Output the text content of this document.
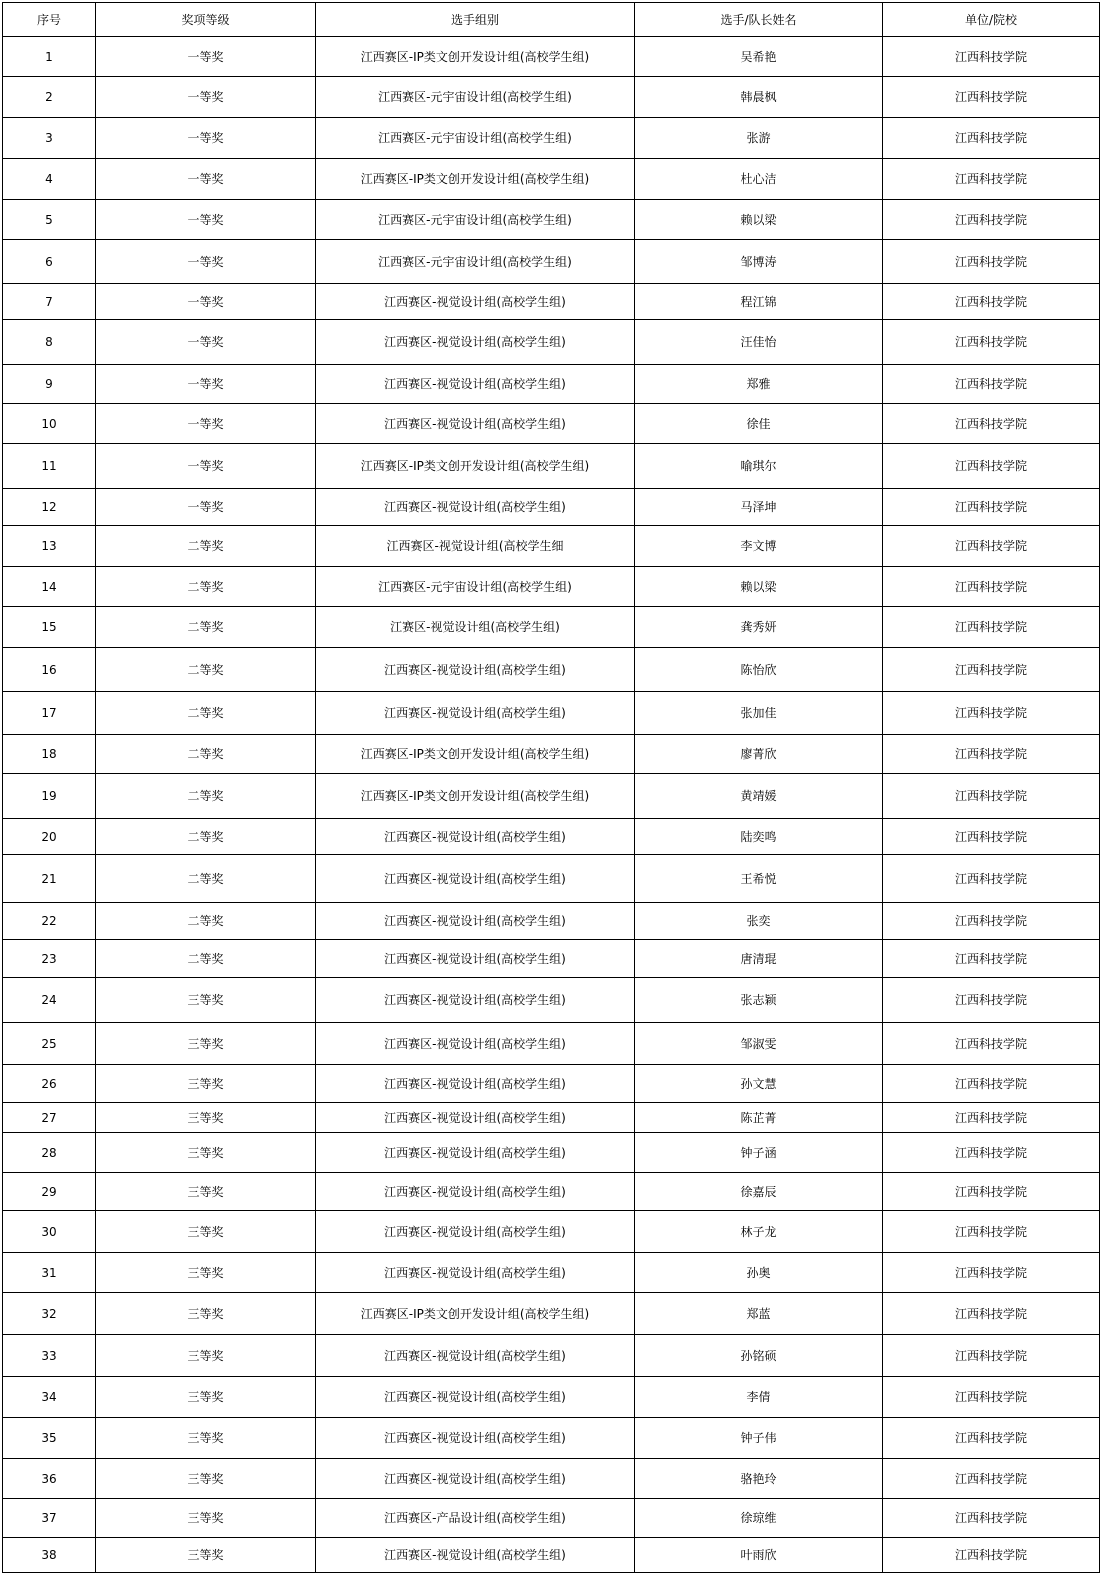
序号	奖项等级	选手组别	选手/队长姓名	单位/院校
1	一等奖	江西赛区-IP类文创开发设计组(高校学生组)	吴希艳	江西科技学院
2	一等奖	江西赛区-元宇宙设计组(高校学生组)	韩晨枫	江西科技学院
3	一等奖	江西赛区-元宇宙设计组(高校学生组)	张游	江西科技学院
4	一等奖	江西赛区-IP类文创开发设计组(高校学生组)	杜心洁	江西科技学院
5	一等奖	江西赛区-元宇宙设计组(高校学生组)	赖以梁	江西科技学院
6	一等奖	江西赛区-元宇宙设计组(高校学生组)	邹博涛	江西科技学院
7	一等奖	江西赛区-视觉设计组(高校学生组)	程江锦	江西科技学院
8	一等奖	江西赛区-视觉设计组(高校学生组)	汪佳怡	江西科技学院
9	一等奖	江西赛区-视觉设计组(高校学生组)	郑雅	江西科技学院
10	一等奖	江西赛区-视觉设计组(高校学生组)	徐佳	江西科技学院
11	一等奖	江西赛区-IP类文创开发设计组(高校学生组)	喻琪尔	江西科技学院
12	一等奖	江西赛区-视觉设计组(高校学生组)	马泽坤	江西科技学院
13	二等奖	江西赛区-视觉设计组(高校学生细	李文博	江西科技学院
14	二等奖	江西赛区-元宇宙设计组(高校学生组)	赖以梁	江西科技学院
15	二等奖	江赛区-视觉设计组(高校学生组)	龚秀妍	江西科技学院
16	二等奖	江西赛区-视觉设计组(高校学生组)	陈怡欣	江西科技学院
17	二等奖	江西赛区-视觉设计组(高校学生组)	张加佳	江西科技学院
18	二等奖	江西赛区-IP类文创开发设计组(高校学生组)	廖菁欣	江西科技学院
19	二等奖	江西赛区-IP类文创开发设计组(高校学生组)	黄靖媛	江西科技学院
20	二等奖	江西赛区-视觉设计组(高校学生组)	陆奕鸣	江西科技学院
21	二等奖	江西赛区-视觉设计组(高校学生组)	王希悦	江西科技学院
22	二等奖	江西赛区-视觉设计组(高校学生组)	张奕	江西科技学院
23	二等奖	江西赛区-视觉设计组(高校学生组)	唐清琨	江西科技学院
24	三等奖	江西赛区-视觉设计组(高校学生组)	张志颖	江西科技学院
25	三等奖	江西赛区-视觉设计组(高校学生组)	邹淑雯	江西科技学院
26	三等奖	江西赛区-视觉设计组(高校学生组)	孙文慧	江西科技学院
27	三等奖	江西赛区-视觉设计组(高校学生组)	陈芷菁	江西科技学院
28	三等奖	江西赛区-视觉设计组(高校学生组)	钟子涵	江西科技学院
29	三等奖	江西赛区-视觉设计组(高校学生组)	徐嘉辰	江西科技学院
30	三等奖	江西赛区-视觉设计组(高校学生组)	林子龙	江西科技学院
31	三等奖	江西赛区-视觉设计组(高校学生组)	孙奥	江西科技学院
32	三等奖	江西赛区-IP类文创开发设计组(高校学生组)	郑蓝	江西科技学院
33	三等奖	江西赛区-视觉设计组(高校学生组)	孙铭硕	江西科技学院
34	三等奖	江西赛区-视觉设计组(高校学生组)	李倩	江西科技学院
35	三等奖	江西赛区-视觉设计组(高校学生组)	钟子伟	江西科技学院
36	三等奖	江西赛区-视觉设计组(高校学生组)	骆艳玲	江西科技学院
37	三等奖	江西赛区-产品设计组(高校学生组)	徐琼维	江西科技学院
38	三等奖	江西赛区-视觉设计组(高校学生组)	叶雨欣	江西科技学院
